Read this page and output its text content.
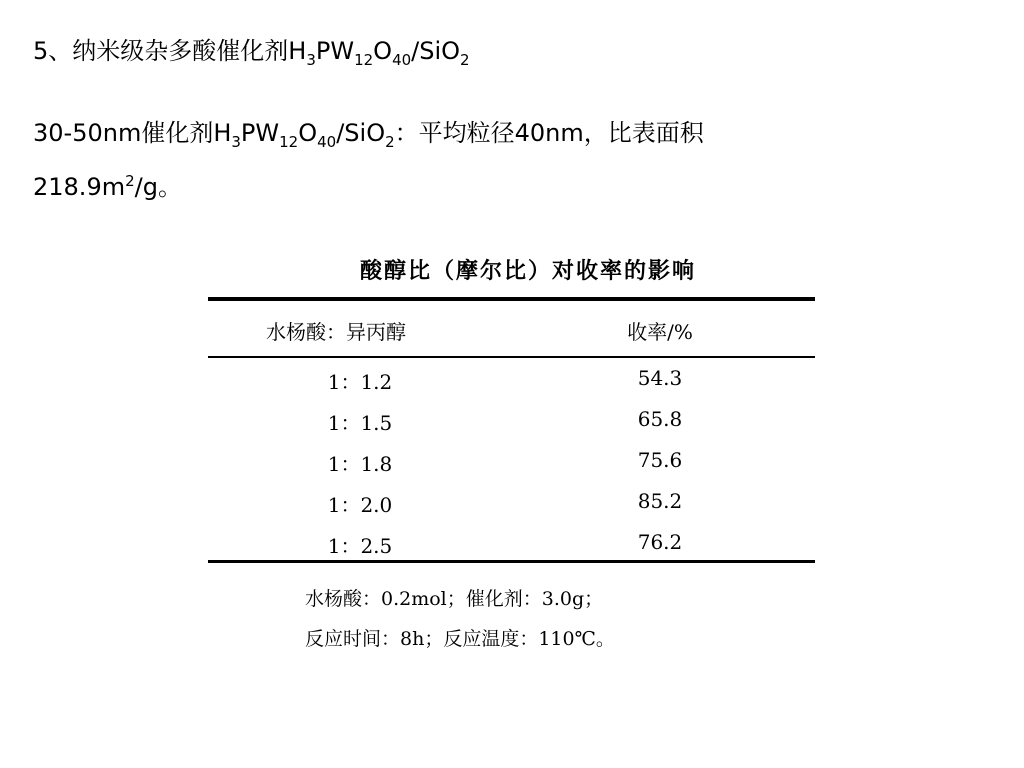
5、纳米级杂多酸催化剂$H_3PW_{12}O_{40}/SiO_2$
30-50nm催化剂$H_3PW_{12}O_{40}/SiO_2$：平均粒径40nm，比表面积
$218.9m^2/g$。
酸醇比（摩尔比）对收率的影响
水杨酸：异丙醇	收率/%
1：1.2	54.3
1：1.5	65.8
1：1.8	75.6
1：2.0	85.2
1：2.5	76.2
水杨酸：0.2mol；催化剂：3.0g；
反应时间：8h；反应温度：110℃。
